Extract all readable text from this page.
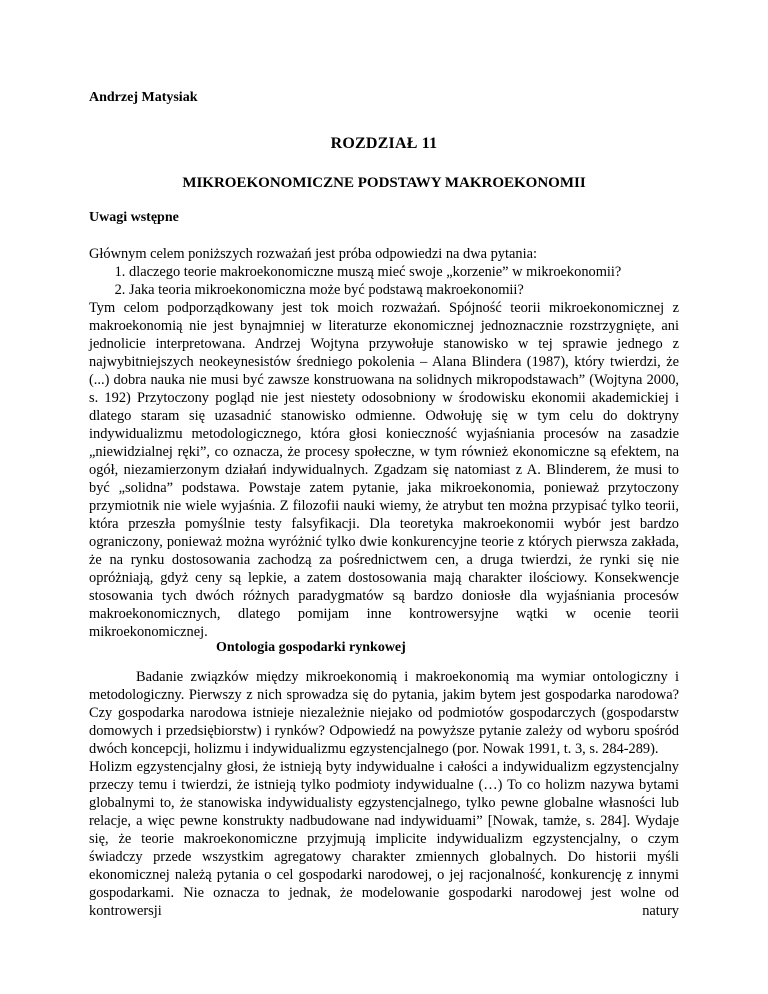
Andrzej Matysiak
ROZDZIAŁ 11
MIKROEKONOMICZNE PODSTAWY MAKROEKONOMII
Uwagi wstępne

Głównym celem poniższych rozważań jest próba odpowiedzi na dwa pytania:

1. dlaczego teorie makroekonomiczne muszą mieć swoje „korzenie” w mikroekonomii?
2. Jaka teoria mikroekonomiczna może być podstawą makroekonomii?

Tym celom podporządkowany jest tok moich rozważań. Spójność teorii mikroekonomicznej z makroekonomią nie jest bynajmniej w literaturze ekonomicznej jednoznacznie rozstrzygnięte, ani jednolicie interpretowana. Andrzej Wojtyna przywołuje stanowisko w tej sprawie jednego z najwybitniejszych neokeynesistów średniego pokolenia – Alana Blindera (1987), który twierdzi, że (...) dobra nauka nie musi być zawsze konstruowana na solidnych mikropodstawach” (Wojtyna 2000, s. 192) Przytoczony pogląd nie jest niestety odosobniony w środowisku ekonomii akademickiej i dlatego staram się uzasadnić stanowisko odmienne. Odwołuję się w tym celu do doktryny indywidualizmu metodologicznego, która głosi konieczność wyjaśniania procesów na zasadzie „niewidzialnej ręki”, co oznacza, że procesy społeczne, w tym również ekonomiczne są efektem, na ogół, niezamierzonym działań indywidualnych. Zgadzam się natomiast z A. Blinderem, że musi to być „solidna” podstawa. Powstaje zatem pytanie, jaka mikroekonomia, ponieważ przytoczony przymiotnik nie wiele wyjaśnia. Z filozofii nauki wiemy, że atrybut ten można przypisać tylko teorii, która przeszła pomyślnie testy falsyfikacji. Dla teoretyka makroekonomii wybór jest bardzo ograniczony, ponieważ można wyróżnić tylko dwie konkurencyjne teorie z których pierwsza zakłada, że na rynku dostosowania zachodzą za pośrednictwem cen, a druga twierdzi, że rynki się nie opróżniają, gdyż ceny są lepkie, a zatem dostosowania mają charakter ilościowy. Konsekwencje stosowania tych dwóch różnych paradygmatów są bardzo doniosłe dla wyjaśniania procesów makroekonomicznych, dlatego pomijam inne kontrowersyjne wątki w ocenie teorii mikroekonomicznej.

Ontologia gospodarki rynkowej

Badanie związków między mikroekonomią i makroekonomią ma wymiar ontologiczny i metodologiczny. Pierwszy z nich sprowadza się do pytania, jakim bytem jest gospodarka narodowa? Czy gospodarka narodowa istnieje niezależnie niejako od podmiotów gospodarczych (gospodarstw domowych i przedsiębiorstw) i rynków? Odpowiedź na powyższe pytanie zależy od wyboru spośród dwóch koncepcji, holizmu i indywidualizmu egzystencjalnego (por. Nowak 1991, t. 3, s. 284-289).

Holizm egzystencjalny głosi, że istnieją byty indywidualne i całości a indywidualizm egzystencjalny przeczy temu i twierdzi, że istnieją tylko podmioty indywidualne (…) To co holizm nazywa bytami globalnymi to, że stanowiska indywidualisty egzystencjalnego, tylko pewne globalne własności lub relacje, a więc pewne konstrukty nadbudowane nad indywiduami” [Nowak, tamże, s. 284]. Wydaje się, że teorie makroekonomiczne przyjmują implicite indywidualizm egzystencjalny, o czym świadczy przede wszystkim agregatowy charakter zmiennych globalnych. Do historii myśli ekonomicznej należą pytania o cel gospodarki narodowej, o jej racjonalność, konkurencję z innymi gospodarkami. Nie oznacza to jednak, że modelowanie gospodarki narodowej jest wolne od kontrowersji natury
